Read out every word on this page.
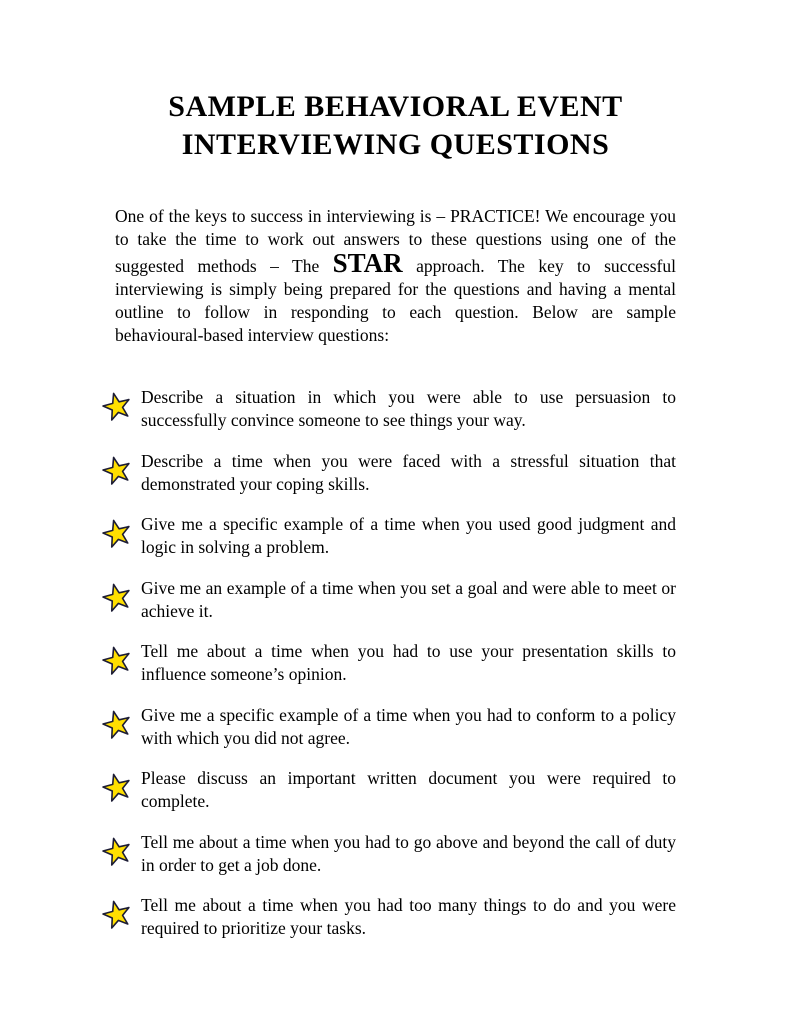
SAMPLE BEHAVIORAL EVENT
INTERVIEWING QUESTIONS

One of the keys to success in interviewing is – PRACTICE! We encourage you to take the time to work out answers to these questions using one of the suggested methods – The STAR approach. The key to successful interviewing is simply being prepared for the questions and having a mental outline to follow in responding to each question. Below are sample behavioural-based interview questions:

Describe a situation in which you were able to use persuasion to successfully convince someone to see things your way.
Describe a time when you were faced with a stressful situation that demonstrated your coping skills.
Give me a specific example of a time when you used good judgment and logic in solving a problem.
Give me an example of a time when you set a goal and were able to meet or achieve it.
Tell me about a time when you had to use your presentation skills to influence someone’s opinion.
Give me a specific example of a time when you had to conform to a policy with which you did not agree.
Please discuss an important written document you were required to complete.
Tell me about a time when you had to go above and beyond the call of duty in order to get a job done.
Tell me about a time when you had too many things to do and you were required to prioritize your tasks.
